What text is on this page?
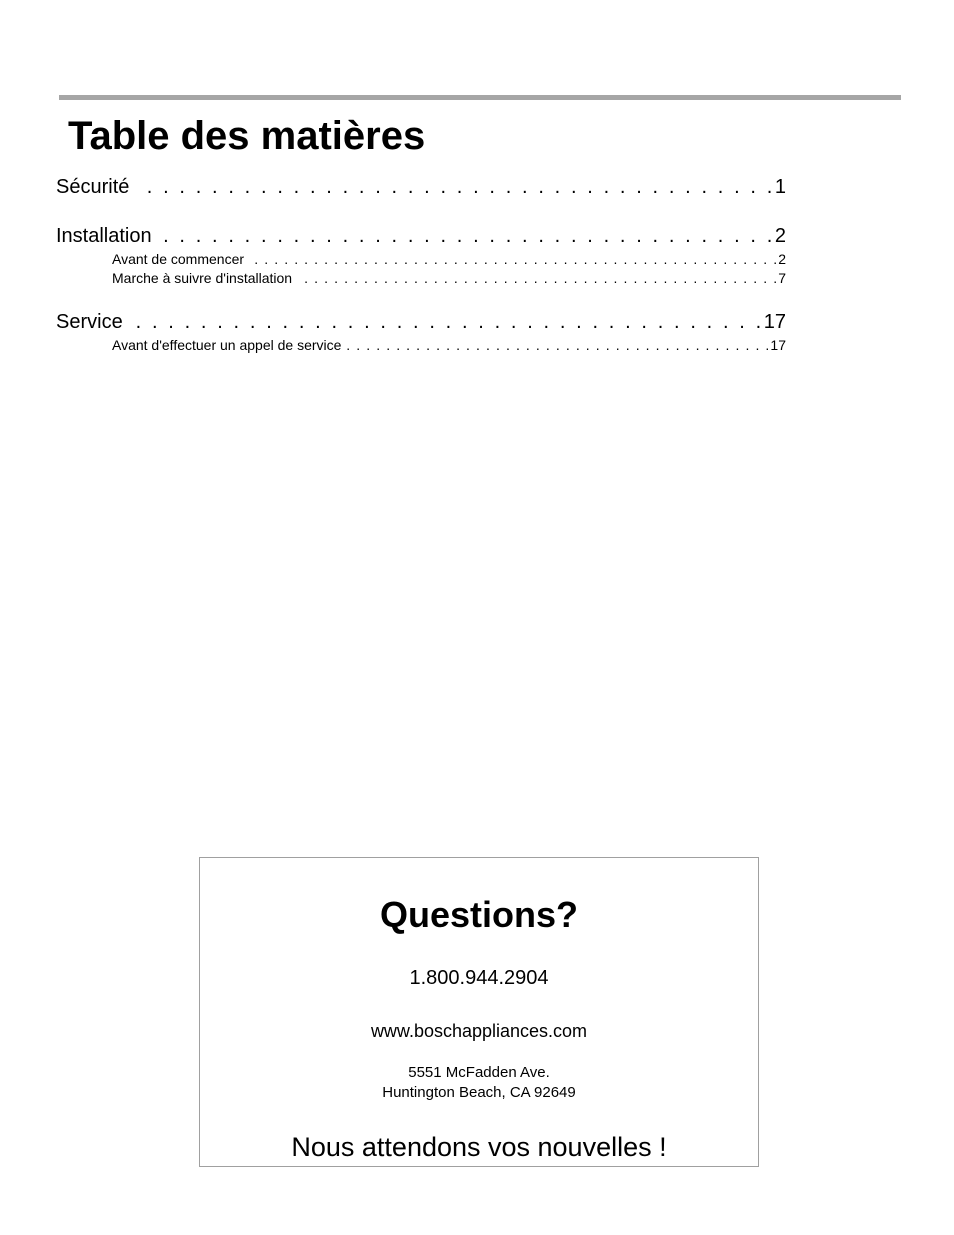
Table des matières
Sécurité . . .	1
Installation . . .	2
Avant de commencer . . .	2
Marche à suivre d'installation . . .	7
Service . . .	17
Avant d'effectuer un appel de service . . .	17

Questions?

1.800.944.2904

www.boschappliances.com

5551 McFadden Ave.

Huntington Beach, CA 92649

Nous attendons vos nouvelles !
